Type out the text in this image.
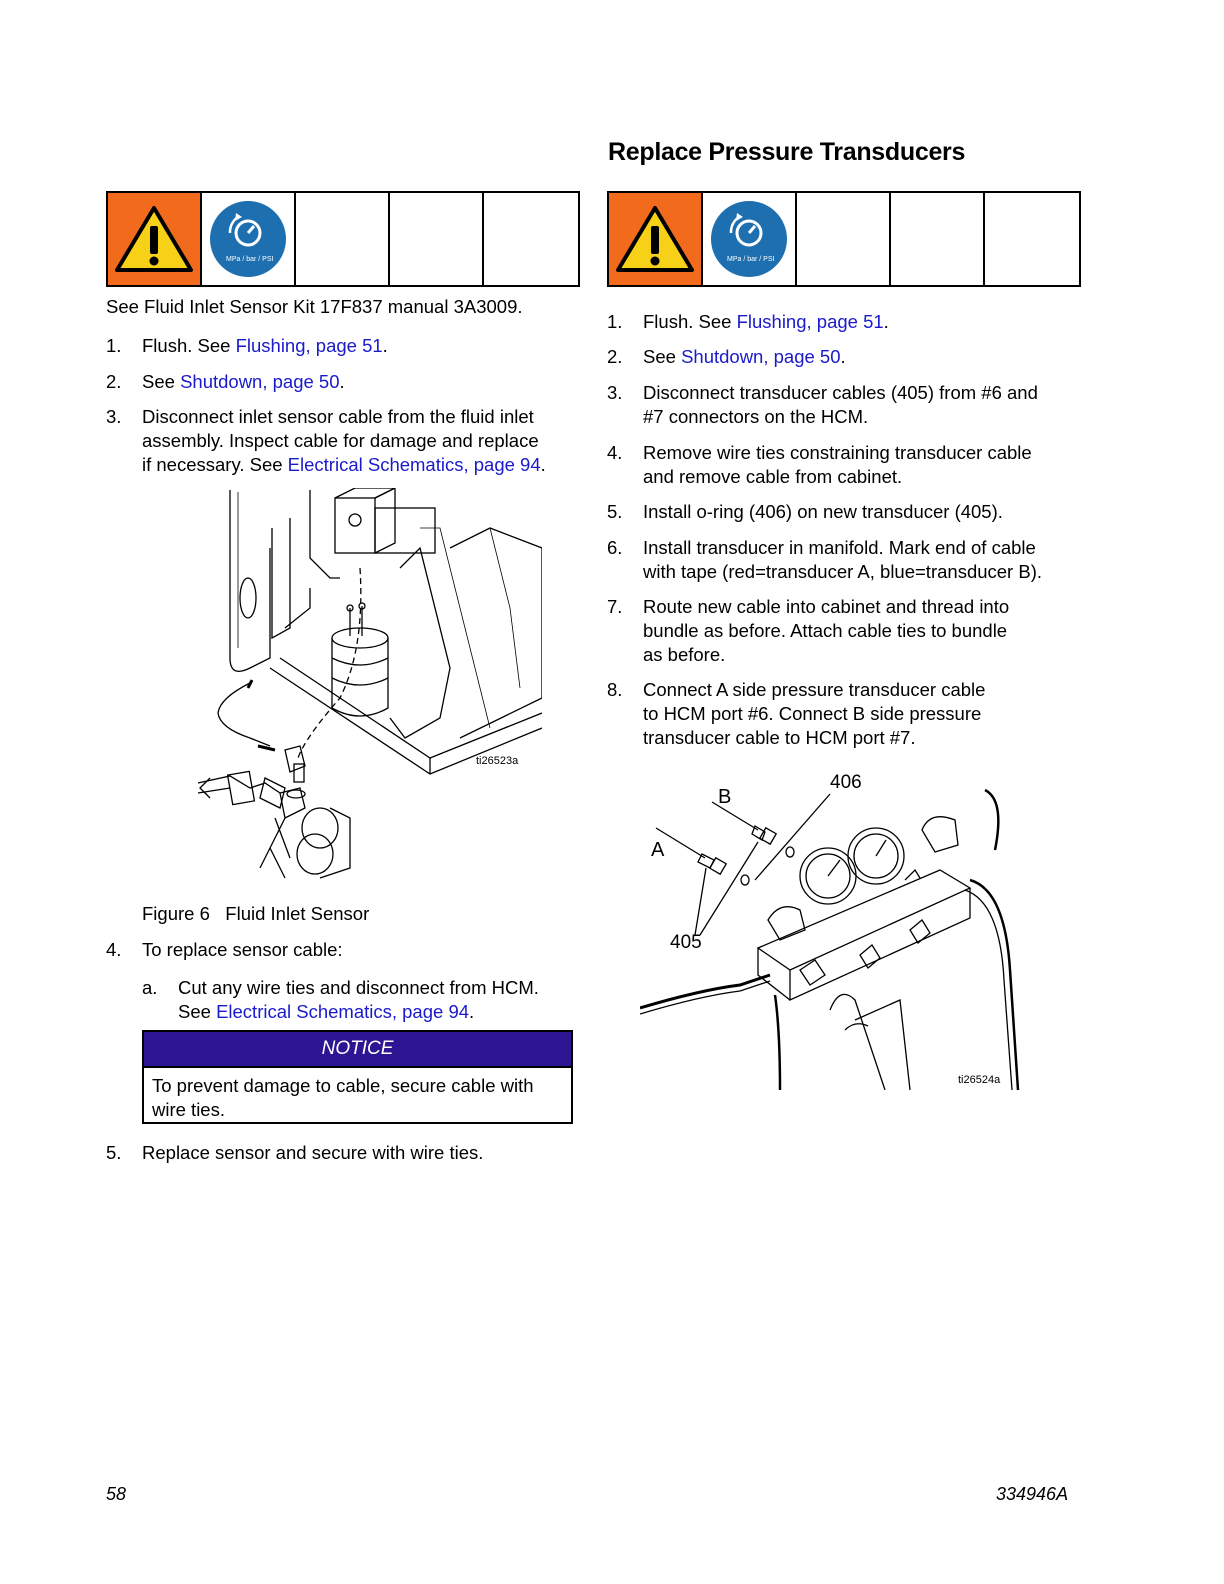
Replace Pressure Transducers
MPa / bar / PSI	MPa / bar / PSI
See Fluid Inlet Sensor Kit 17F837 manual 3A3009.
1. Flush. See Flushing, page 51.
2. See Shutdown, page 50.
3. Disconnect inlet sensor cable from the fluid inlet
assembly. Inspect cable for damage and replace
if necessary. See Electrical Schematics, page 94.
ti26523a
Figure 6 Fluid Inlet Sensor
4. To replace sensor cable:
a. Cut any wire ties and disconnect from HCM.
See Electrical Schematics, page 94.
NOTICE
To prevent damage to cable, secure cable with
wire ties.
5. Replace sensor and secure with wire ties.
1. Flush. See Flushing, page 51.
2. See Shutdown, page 50.
3. Disconnect transducer cables (405) from #6 and
#7 connectors on the HCM.
4. Remove wire ties constraining transducer cable
and remove cable from cabinet.
5. Install o-ring (406) on new transducer (405).
6. Install transducer in manifold. Mark end of cable
with tape (red=transducer A, blue=transducer B).
7. Route new cable into cabinet and thread into
bundle as before. Attach cable ties to bundle
as before.
8. Connect A side pressure transducer cable
to HCM port #6. Connect B side pressure
transducer cable to HCM port #7.
ti26524a
B
A
406
405
58	334946A
